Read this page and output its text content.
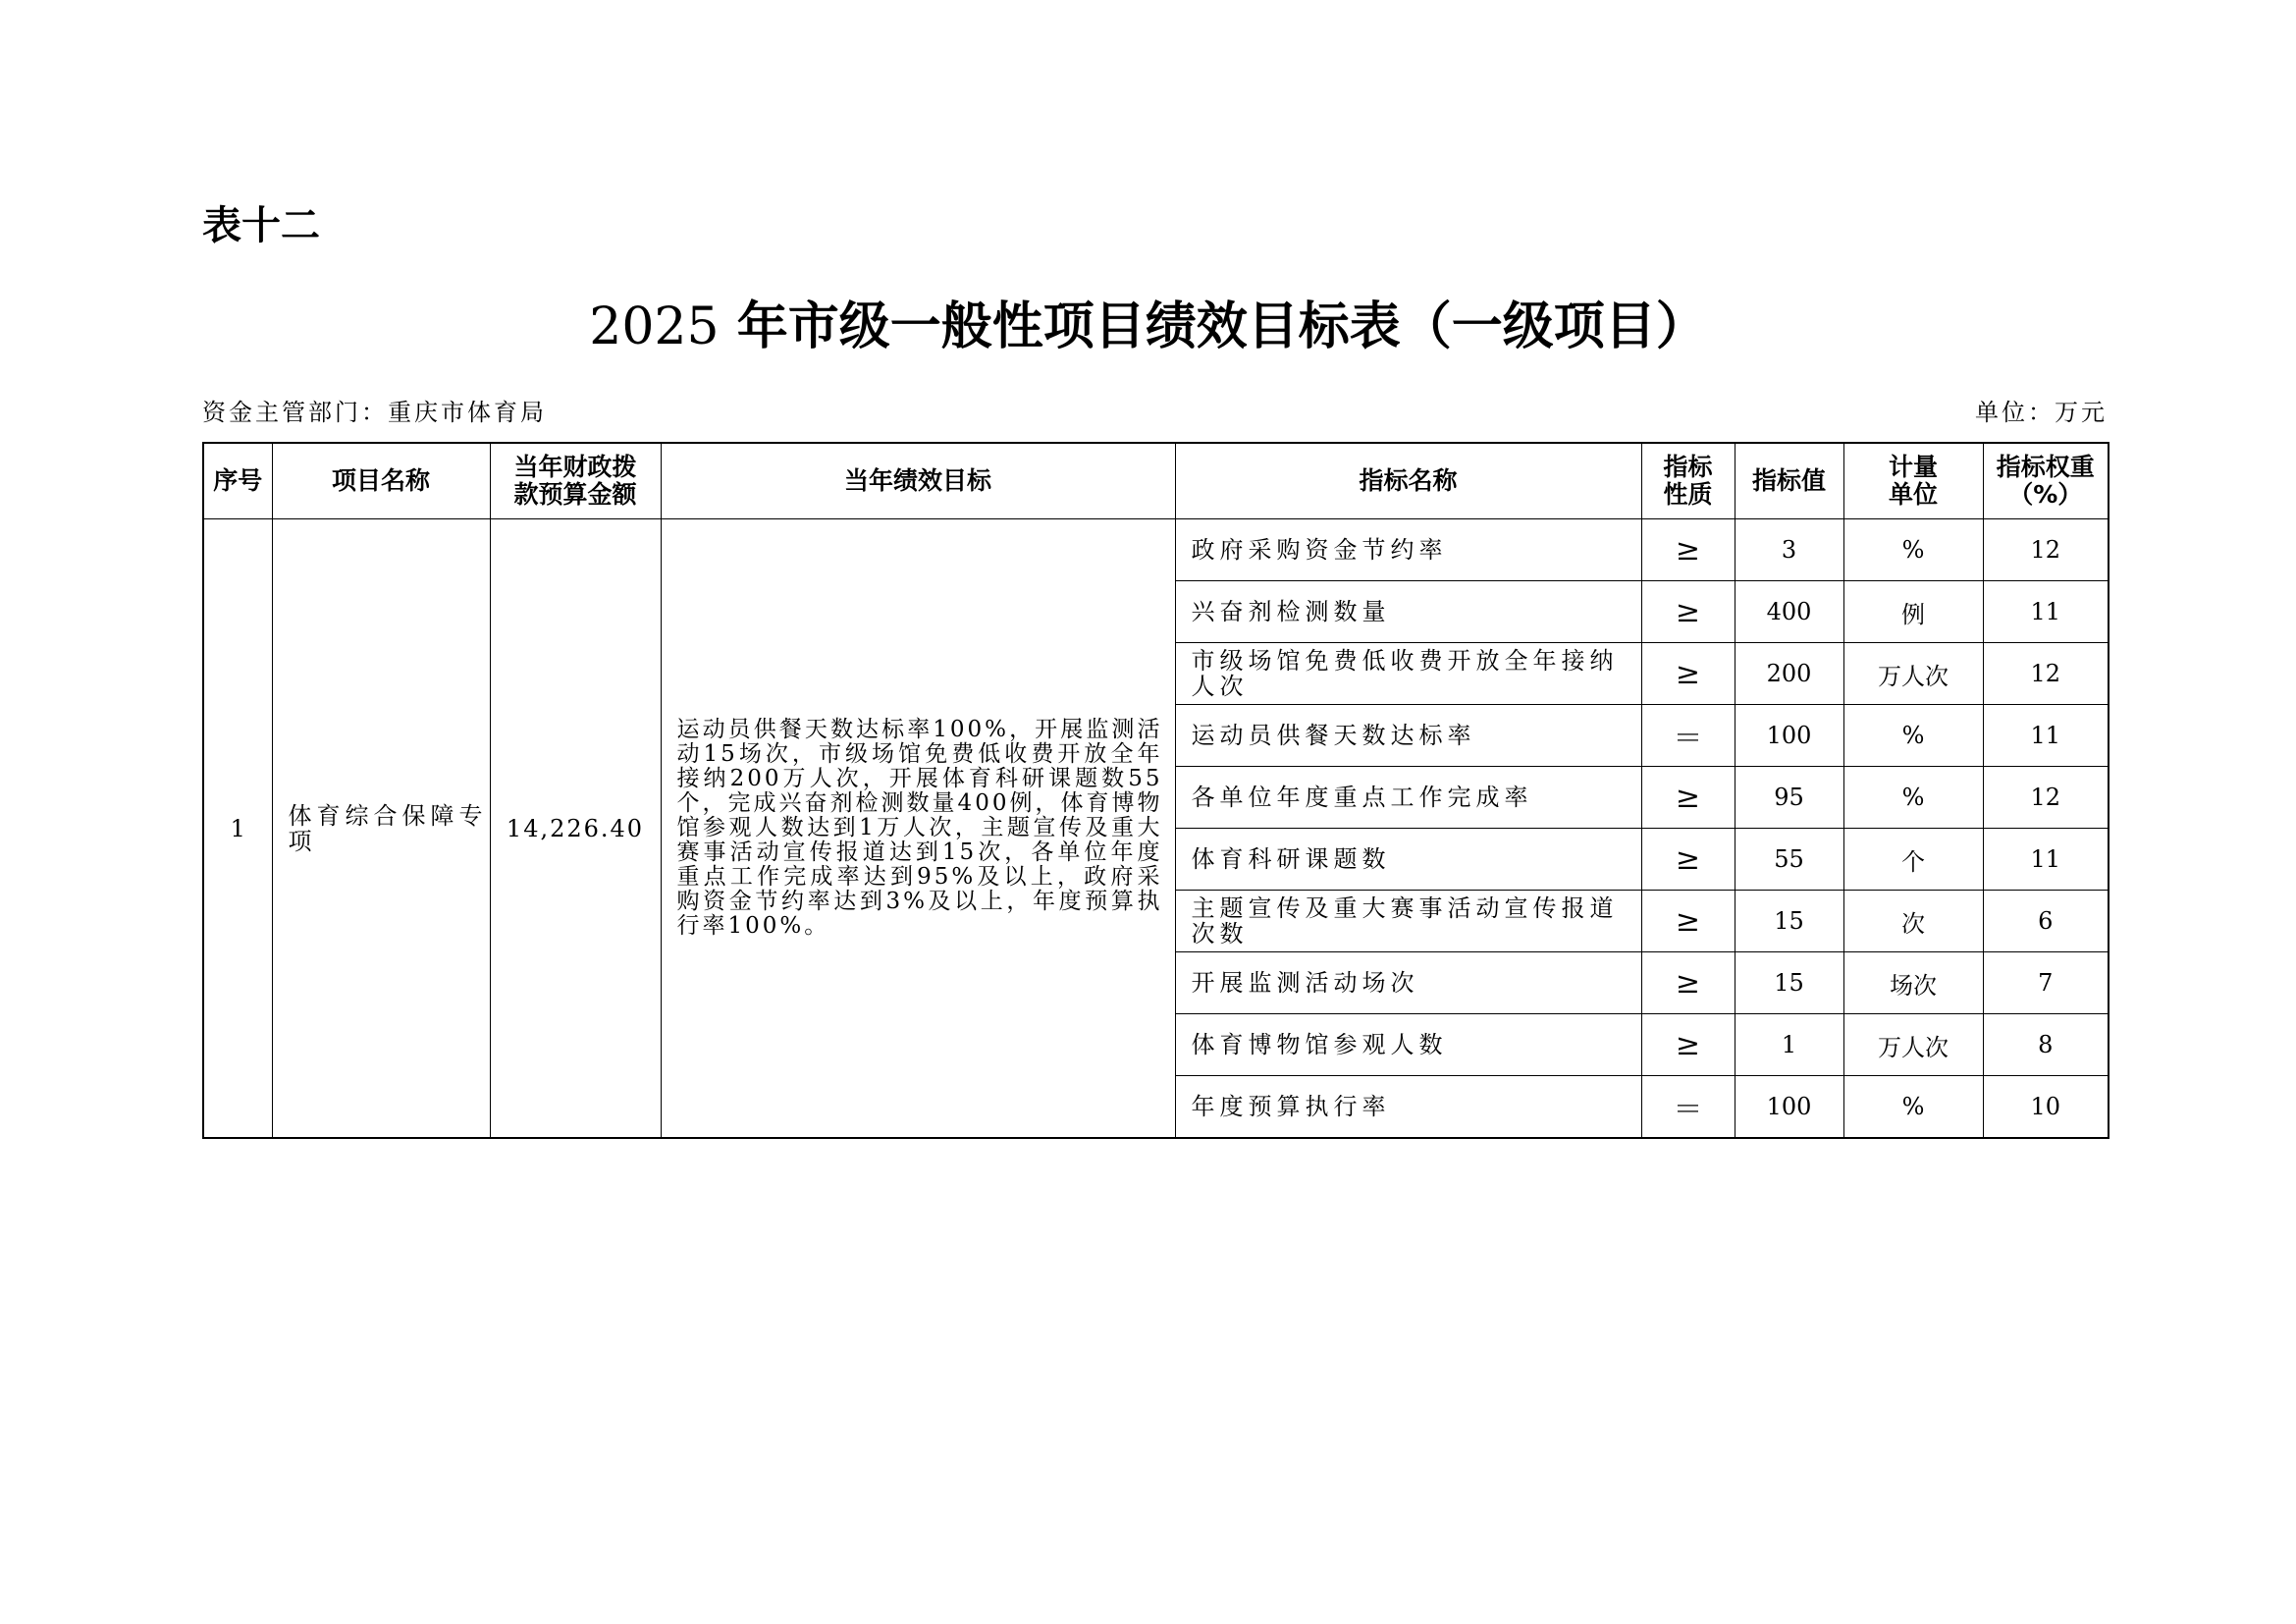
表十二
2025 年市级一般性项目绩效目标表（一级项目）
资金主管部门：重庆市体育局	单位：万元
序号	项目名称	当年财政拨款预算金额	当年绩效目标	指标名称	指标性质	指标值	计量单位	指标权重（%）
1	体育综合保障专项	14,226.40	运动员供餐天数达标率100%，开展监测活动15场次，市级场馆免费低收费开放全年接纳200万人次，开展体育科研课题数55个，完成兴奋剂检测数量400例，体育博物馆参观人数达到1万人次，主题宣传及重大赛事活动宣传报道达到15次，各单位年度重点工作完成率达到95%及以上，政府采购资金节约率达到3%及以上，年度预算执行率100%。	政府采购资金节约率	≥	3	%	12
				兴奋剂检测数量	≥	400	例	11
				市级场馆免费低收费开放全年接纳人次	≥	200	万人次	12
				运动员供餐天数达标率	＝	100	%	11
				各单位年度重点工作完成率	≥	95	%	12
				体育科研课题数	≥	55	个	11
				主题宣传及重大赛事活动宣传报道次数	≥	15	次	6
				开展监测活动场次	≥	15	场次	7
				体育博物馆参观人数	≥	1	万人次	8
				年度预算执行率	＝	100	%	10
